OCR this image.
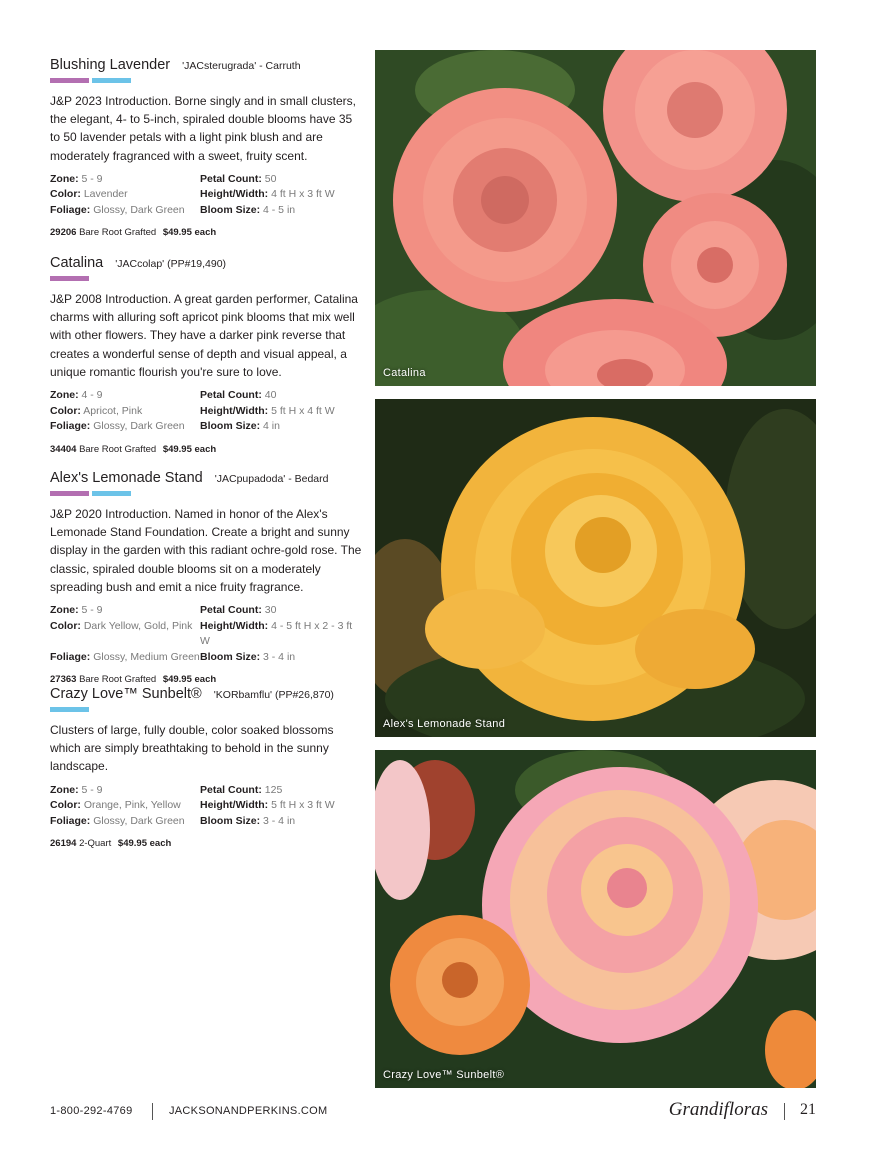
Blushing Lavender 'JACsterugrada' - Carruth
J&P 2023 Introduction. Borne singly and in small clusters, the elegant, 4- to 5-inch, spiraled double blooms have 35 to 50 lavender petals with a light pink blush and are moderately fragranced with a sweet, fruity scent.
Zone: 5 - 9	Petal Count: 50
Color: Lavender	Height/Width: 4 ft H x 3 ft W
Foliage: Glossy, Dark Green	Bloom Size: 4 - 5 in
29206 Bare Root Grafted $49.95 each
Catalina 'JACcolap' (PP#19,490)
J&P 2008 Introduction. A great garden performer, Catalina charms with alluring soft apricot pink blooms that mix well with other flowers. They have a darker pink reverse that creates a wonderful sense of depth and visual appeal, a unique romantic flourish you're sure to love.
Zone: 4 - 9	Petal Count: 40
Color: Apricot, Pink	Height/Width: 5 ft H x 4 ft W
Foliage: Glossy, Dark Green	Bloom Size: 4 in
34404 Bare Root Grafted $49.95 each
Alex's Lemonade Stand 'JACpupadoda' - Bedard
J&P 2020 Introduction. Named in honor of the Alex's Lemonade Stand Foundation. Create a bright and sunny display in the garden with this radiant ochre-gold rose. The classic, spiraled double blooms sit on a moderately spreading bush and emit a nice fruity fragrance.
Zone: 5 - 9	Petal Count: 30
Color: Dark Yellow, Gold, Pink Height/Width: 4 - 5 ft H x 2 - 3 ft W
Foliage: Glossy, Medium Green Bloom Size: 3 - 4 in
27363 Bare Root Grafted $49.95 each
Crazy Love™ Sunbelt® 'KORbamflu' (PP#26,870)
Clusters of large, fully double, color soaked blossoms which are simply breathtaking to behold in the sunny landscape.
Zone: 5 - 9	Petal Count: 125
Color: Orange, Pink, Yellow	Height/Width: 5 ft H x 3 ft W
Foliage: Glossy, Dark Green	Bloom Size: 3 - 4 in
26194 2-Quart $49.95 each
Catalina
Alex's Lemonade Stand
Crazy Love™ Sunbelt®
1-800-292-4769	JACKSONANDPERKINS.COM	Grandifloras 21
